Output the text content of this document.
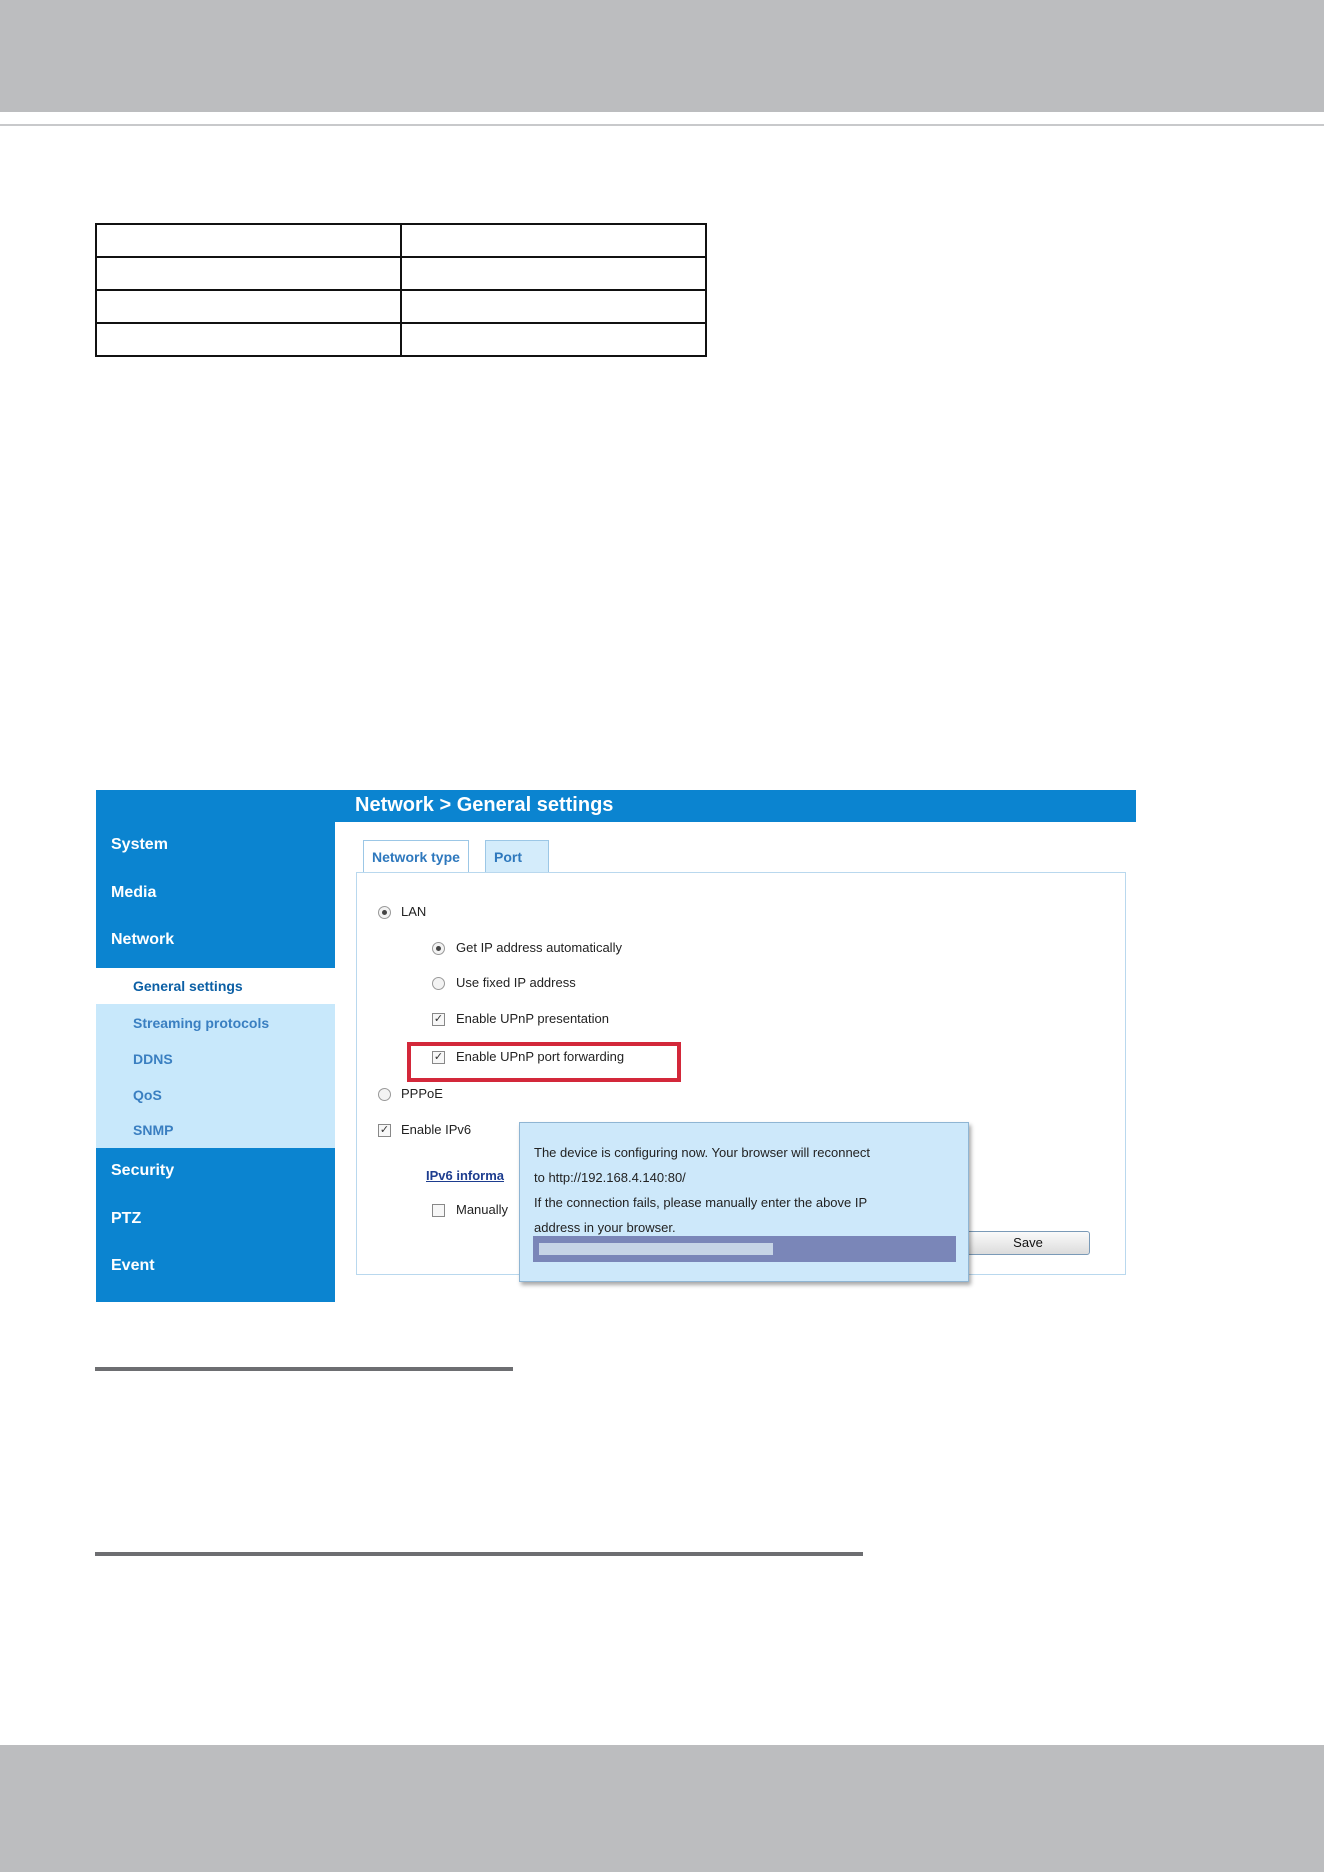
System
Media
Network
General settings
Streaming protocols
DDNS
QoS
SNMP
Security
PTZ
Event
Network > General settings
Network type	Port
LAN
Get IP address automatically
Use fixed IP address
✓ Enable UPnP presentation
✓ Enable UPnP port forwarding
PPPoE
✓ Enable IPv6
IPv6 informa
Manually
Save

The device is configuring now. Your browser will reconnect

to http://192.168.4.140:80/

If the connection fails, please manually enter the above IP

address in your browser.
